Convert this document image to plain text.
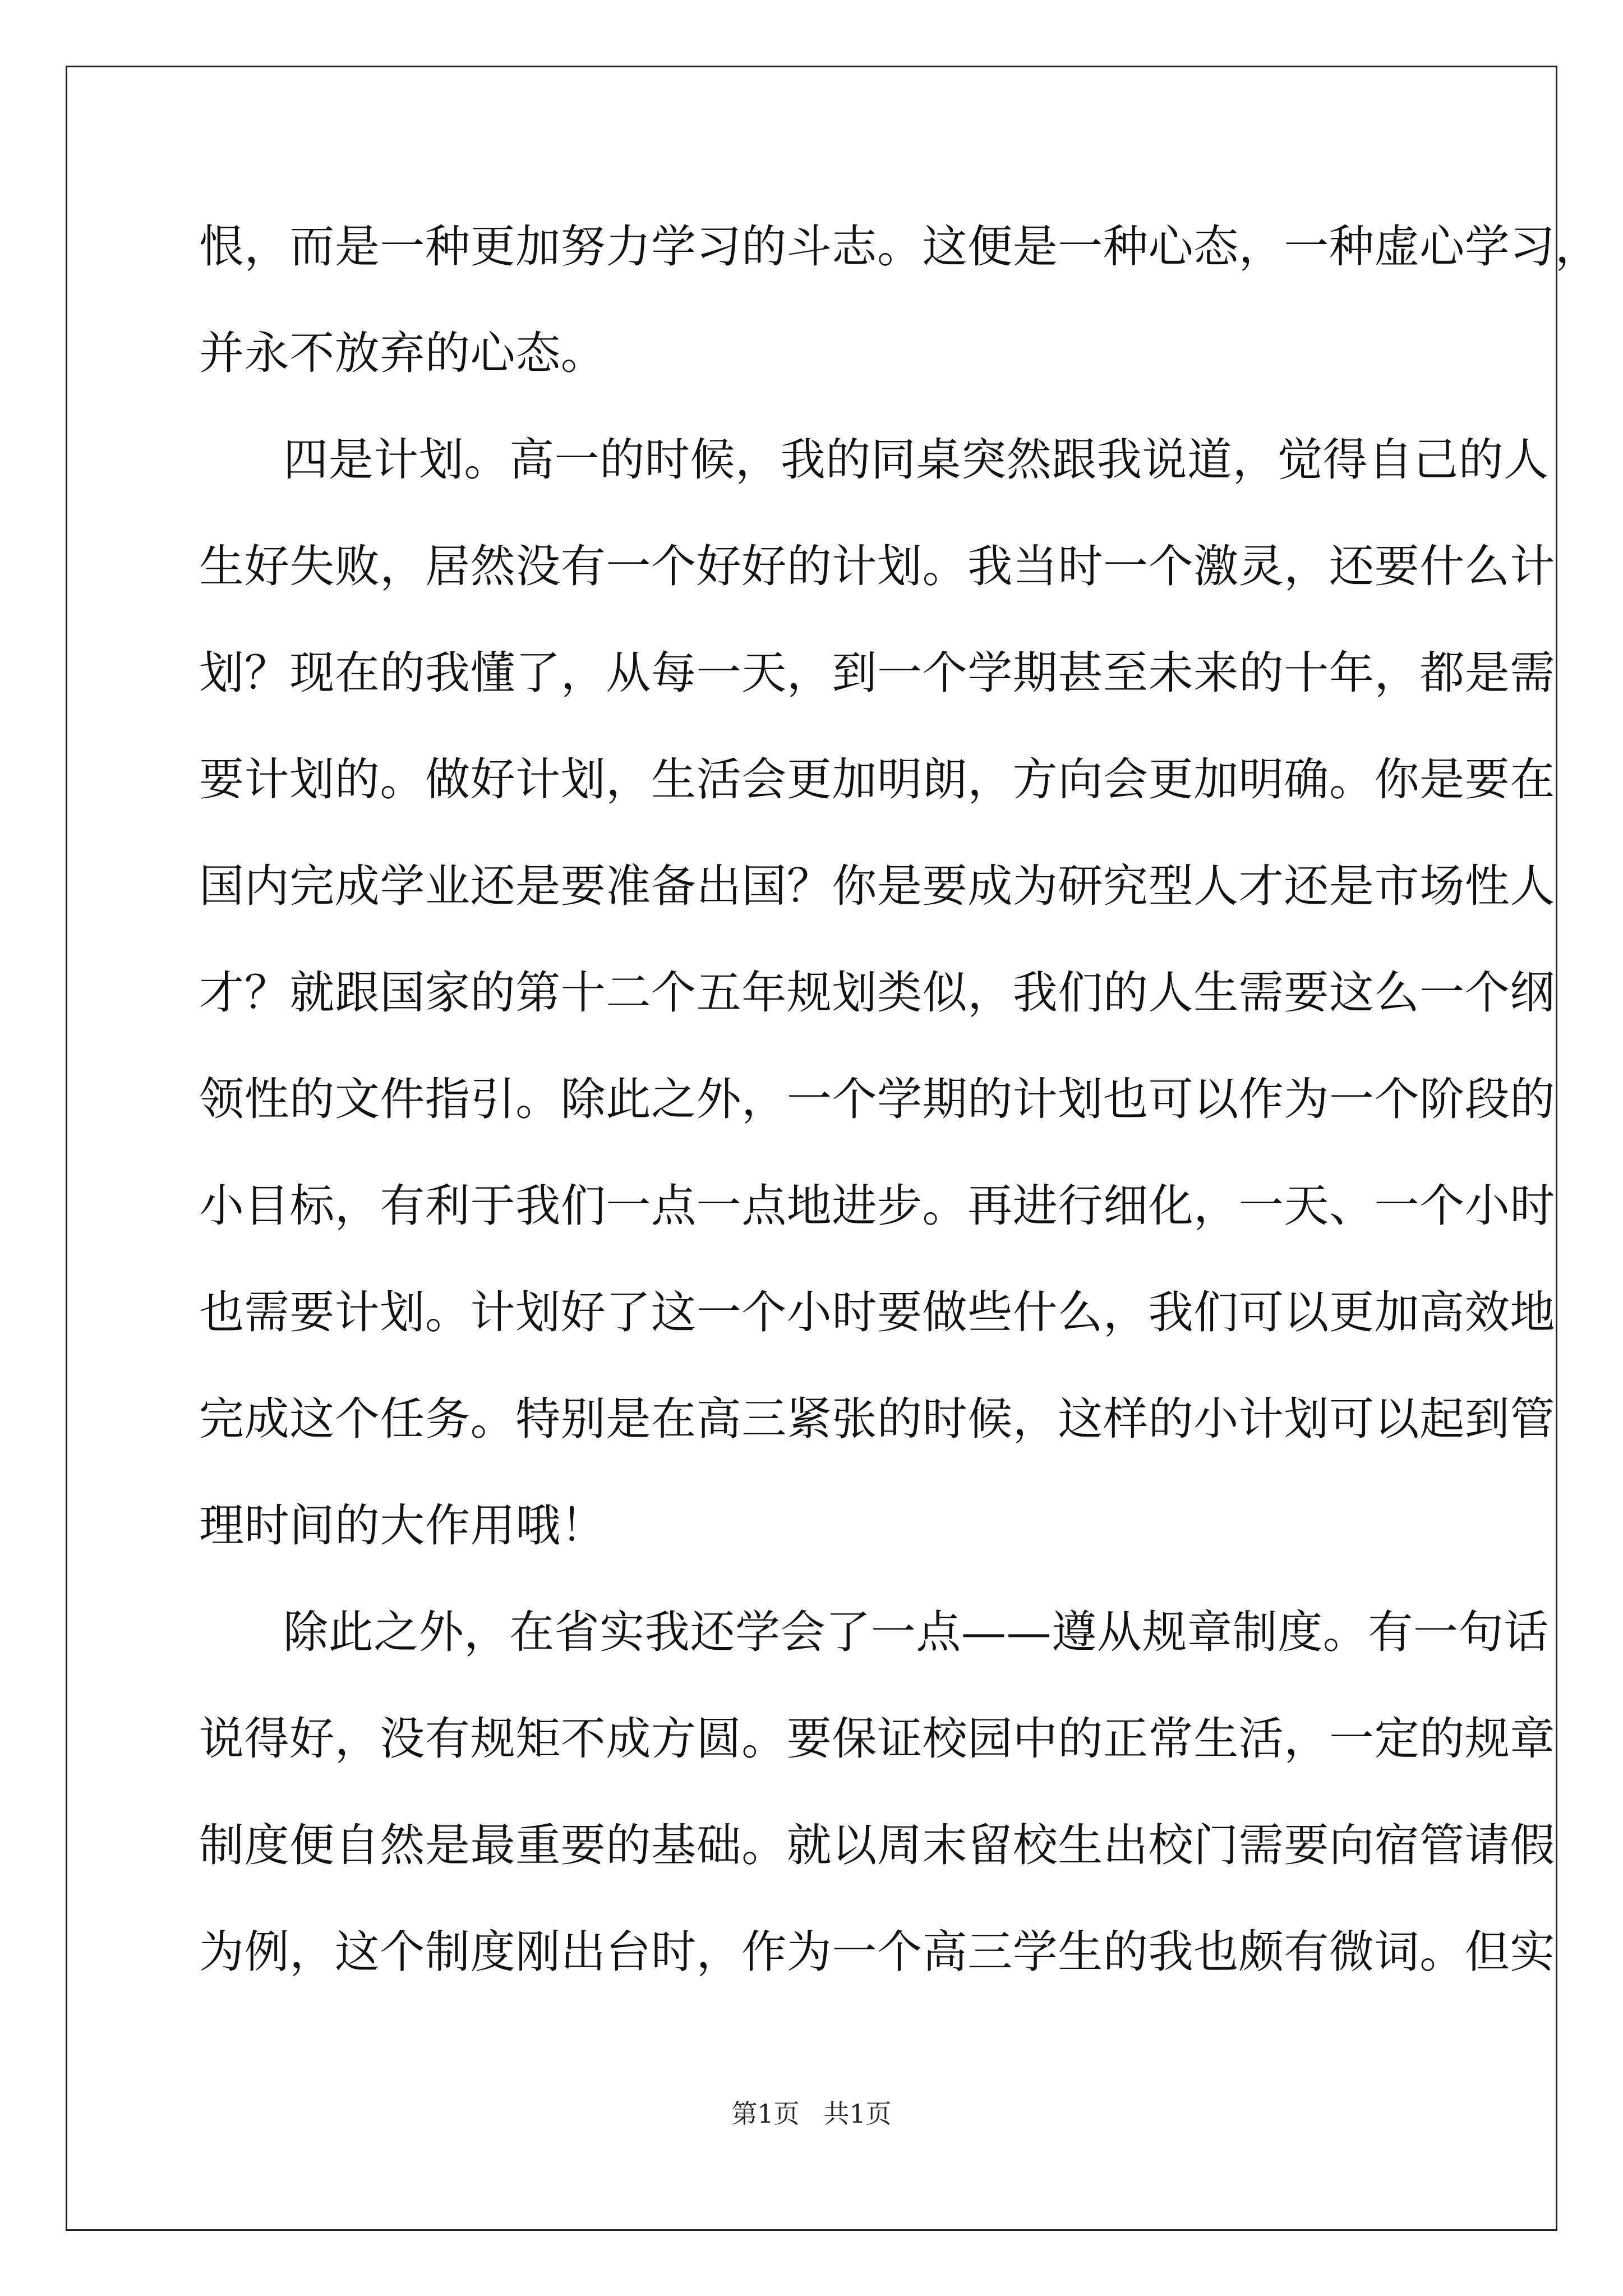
恨，而是一种更加努力学习的斗志。这便是一种心态，一种虚心学习，
并永不放弃的心态。
四是计划。高一的时候，我的同桌突然跟我说道，觉得自己的人
生好失败，居然没有一个好好的计划。我当时一个激灵，还要什么计
划？现在的我懂了，从每一天，到一个学期甚至未来的十年，都是需
要计划的。做好计划，生活会更加明朗，方向会更加明确。你是要在
国内完成学业还是要准备出国？你是要成为研究型人才还是市场性人
才？就跟国家的第十二个五年规划类似，我们的人生需要这么一个纲
领性的文件指引。除此之外，一个学期的计划也可以作为一个阶段的
小目标，有利于我们一点一点地进步。再进行细化，一天、一个小时
也需要计划。计划好了这一个小时要做些什么，我们可以更加高效地
完成这个任务。特别是在高三紧张的时候，这样的小计划可以起到管
理时间的大作用哦！
除此之外，在省实我还学会了一点——遵从规章制度。有一句话
说得好，没有规矩不成方圆。要保证校园中的正常生活，一定的规章
制度便自然是最重要的基础。就以周末留校生出校门需要向宿管请假
为例，这个制度刚出台时，作为一个高三学生的我也颇有微词。但实
第1页 共1页
